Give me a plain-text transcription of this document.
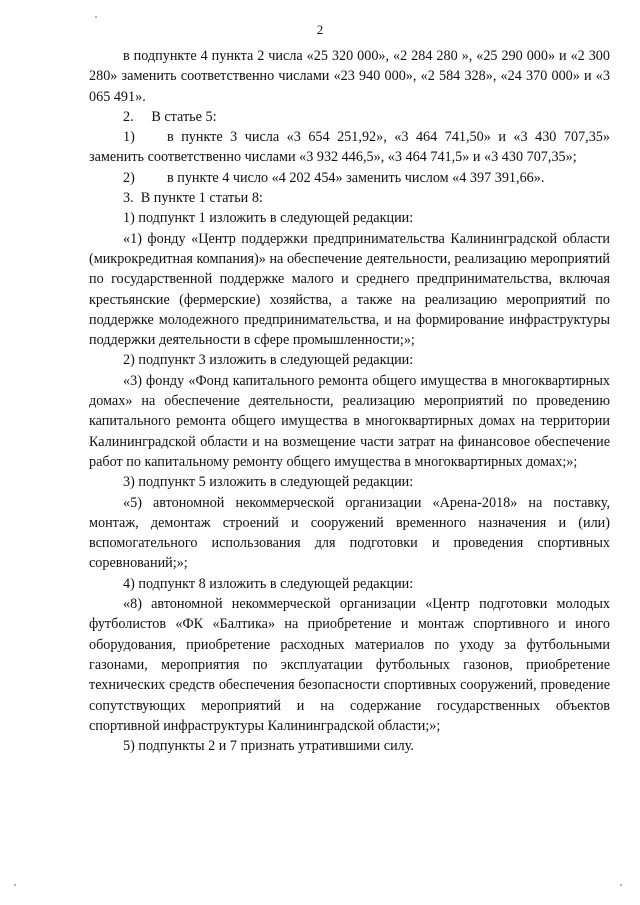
2

в подпункте 4 пункта 2 числа «25 320 000», «2 284 280 », «25 290 000» и «2 300 280» заменить соответственно числами «23 940 000», «2 584 328», «24 370 000» и «3 065 491».

2.     В статье 5:

1) в пункте 3 числа «3 654 251,92», «3 464 741,50» и «3 430 707,35» заменить соответственно числами «3 932 446,5», «3 464 741,5» и «3 430 707,35»;

2) в пункте 4 число «4 202 454» заменить числом «4 397 391,66».

3.  В пункте 1 статьи 8:

1) подпункт 1 изложить в следующей редакции:

«1) фонду «Центр поддержки предпринимательства Калининградской области (микрокредитная компания)» на обеспечение деятельности, реализацию мероприятий по государственной поддержке малого и среднего предпринимательства, включая крестьянские (фермерские) хозяйства, а также на реализацию мероприятий по поддержке молодежного предпринимательства, и на формирование инфраструктуры поддержки деятельности в сфере промышленности;»;

2) подпункт 3 изложить в следующей редакции:

«3) фонду «Фонд капитального ремонта общего имущества в многоквартирных домах» на обеспечение деятельности, реализацию мероприятий по проведению капитального ремонта общего имущества в многоквартирных домах на территории Калининградской области и на возмещение части затрат на финансовое обеспечение работ по капитальному ремонту общего имущества в многоквартирных домах;»;

3) подпункт 5 изложить в следующей редакции:

«5) автономной некоммерческой организации «Арена-2018» на поставку, монтаж, демонтаж строений и сооружений временного назначения и (или) вспомогательного использования для подготовки и проведения спортивных соревнований;»;

4) подпункт 8 изложить в следующей редакции:

«8) автономной некоммерческой организации «Центр подготовки молодых футболистов «ФК «Балтика» на приобретение и монтаж спортивного и иного оборудования, приобретение расходных материалов по уходу за футбольными газонами, мероприятия по эксплуатации футбольных газонов, приобретение технических средств обеспечения безопасности спортивных сооружений, проведение сопутствующих мероприятий и на содержание государственных объектов спортивной инфраструктуры Калининградской области;»;

5) подпункты 2 и 7 признать утратившими силу.
